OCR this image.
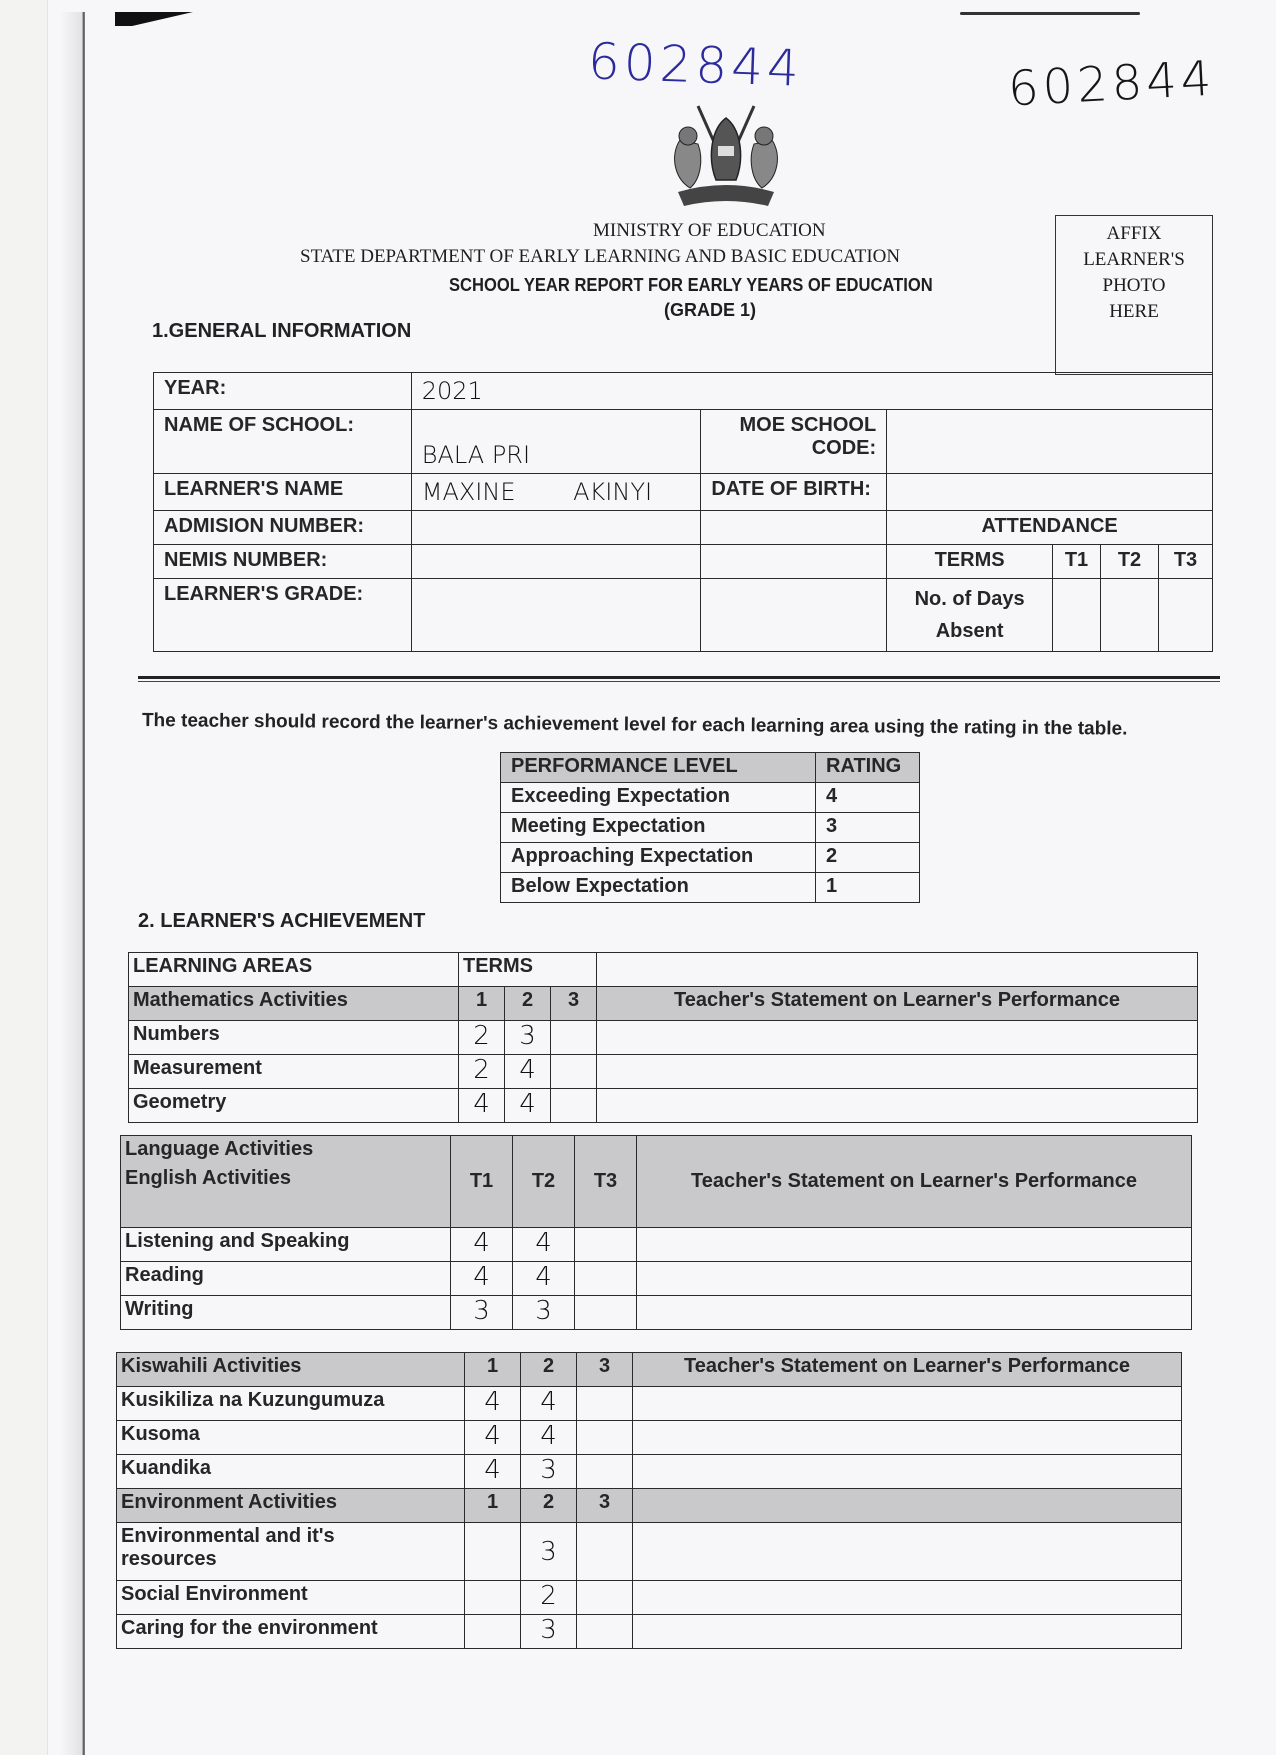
602844	602844
MINISTRY OF EDUCATION
STATE DEPARTMENT OF EARLY LEARNING AND BASIC EDUCATION
SCHOOL YEAR REPORT FOR EARLY YEARS OF EDUCATION
(GRADE 1)
AFFIX
LEARNER'S
PHOTO
HERE
1.GENERAL INFORMATION
YEAR:	2021					
NAME OF SCHOOL:	BALA PRI	MOE SCHOOL
CODE:				

LEARNER'S NAME	MAXINE AKINYI	DATE OF BIRTH:				
ADMISION NUMBER:			ATTENDANCE			
NEMIS NUMBER:			TERMS	T1	T2	T3
LEARNER'S GRADE:			No. of Days
Absent			

The teacher should record the learner's achievement level for each learning area using the rating in the table.
PERFORMANCE LEVEL	RATING
Exceeding Expectation	4
Meeting Expectation	3
Approaching Expectation	2
Below Expectation	1
2. LEARNER'S ACHIEVEMENT
LEARNING AREAS	TERMS			
Mathematics Activities	1	2	3	Teacher's Statement on Learner's Performance
Numbers	2	3		
Measurement	2	4		
Geometry	4	4		
Language Activities
English Activities	T1	T2	T3	Teacher's Statement on Learner's Performance
Listening and Speaking	4	4		
Reading	4	4		
Writing	3	3		
Kiswahili Activities	1	2	3	Teacher's Statement on Learner's Performance
Kusikiliza na Kuzungumuza	4	4		
Kusoma	4	4		
Kuandika	4	3		
Environment Activities	1	2	3	

Environmental and it's
resources		3		
Social Environment		2		
Caring for the environment		3		
